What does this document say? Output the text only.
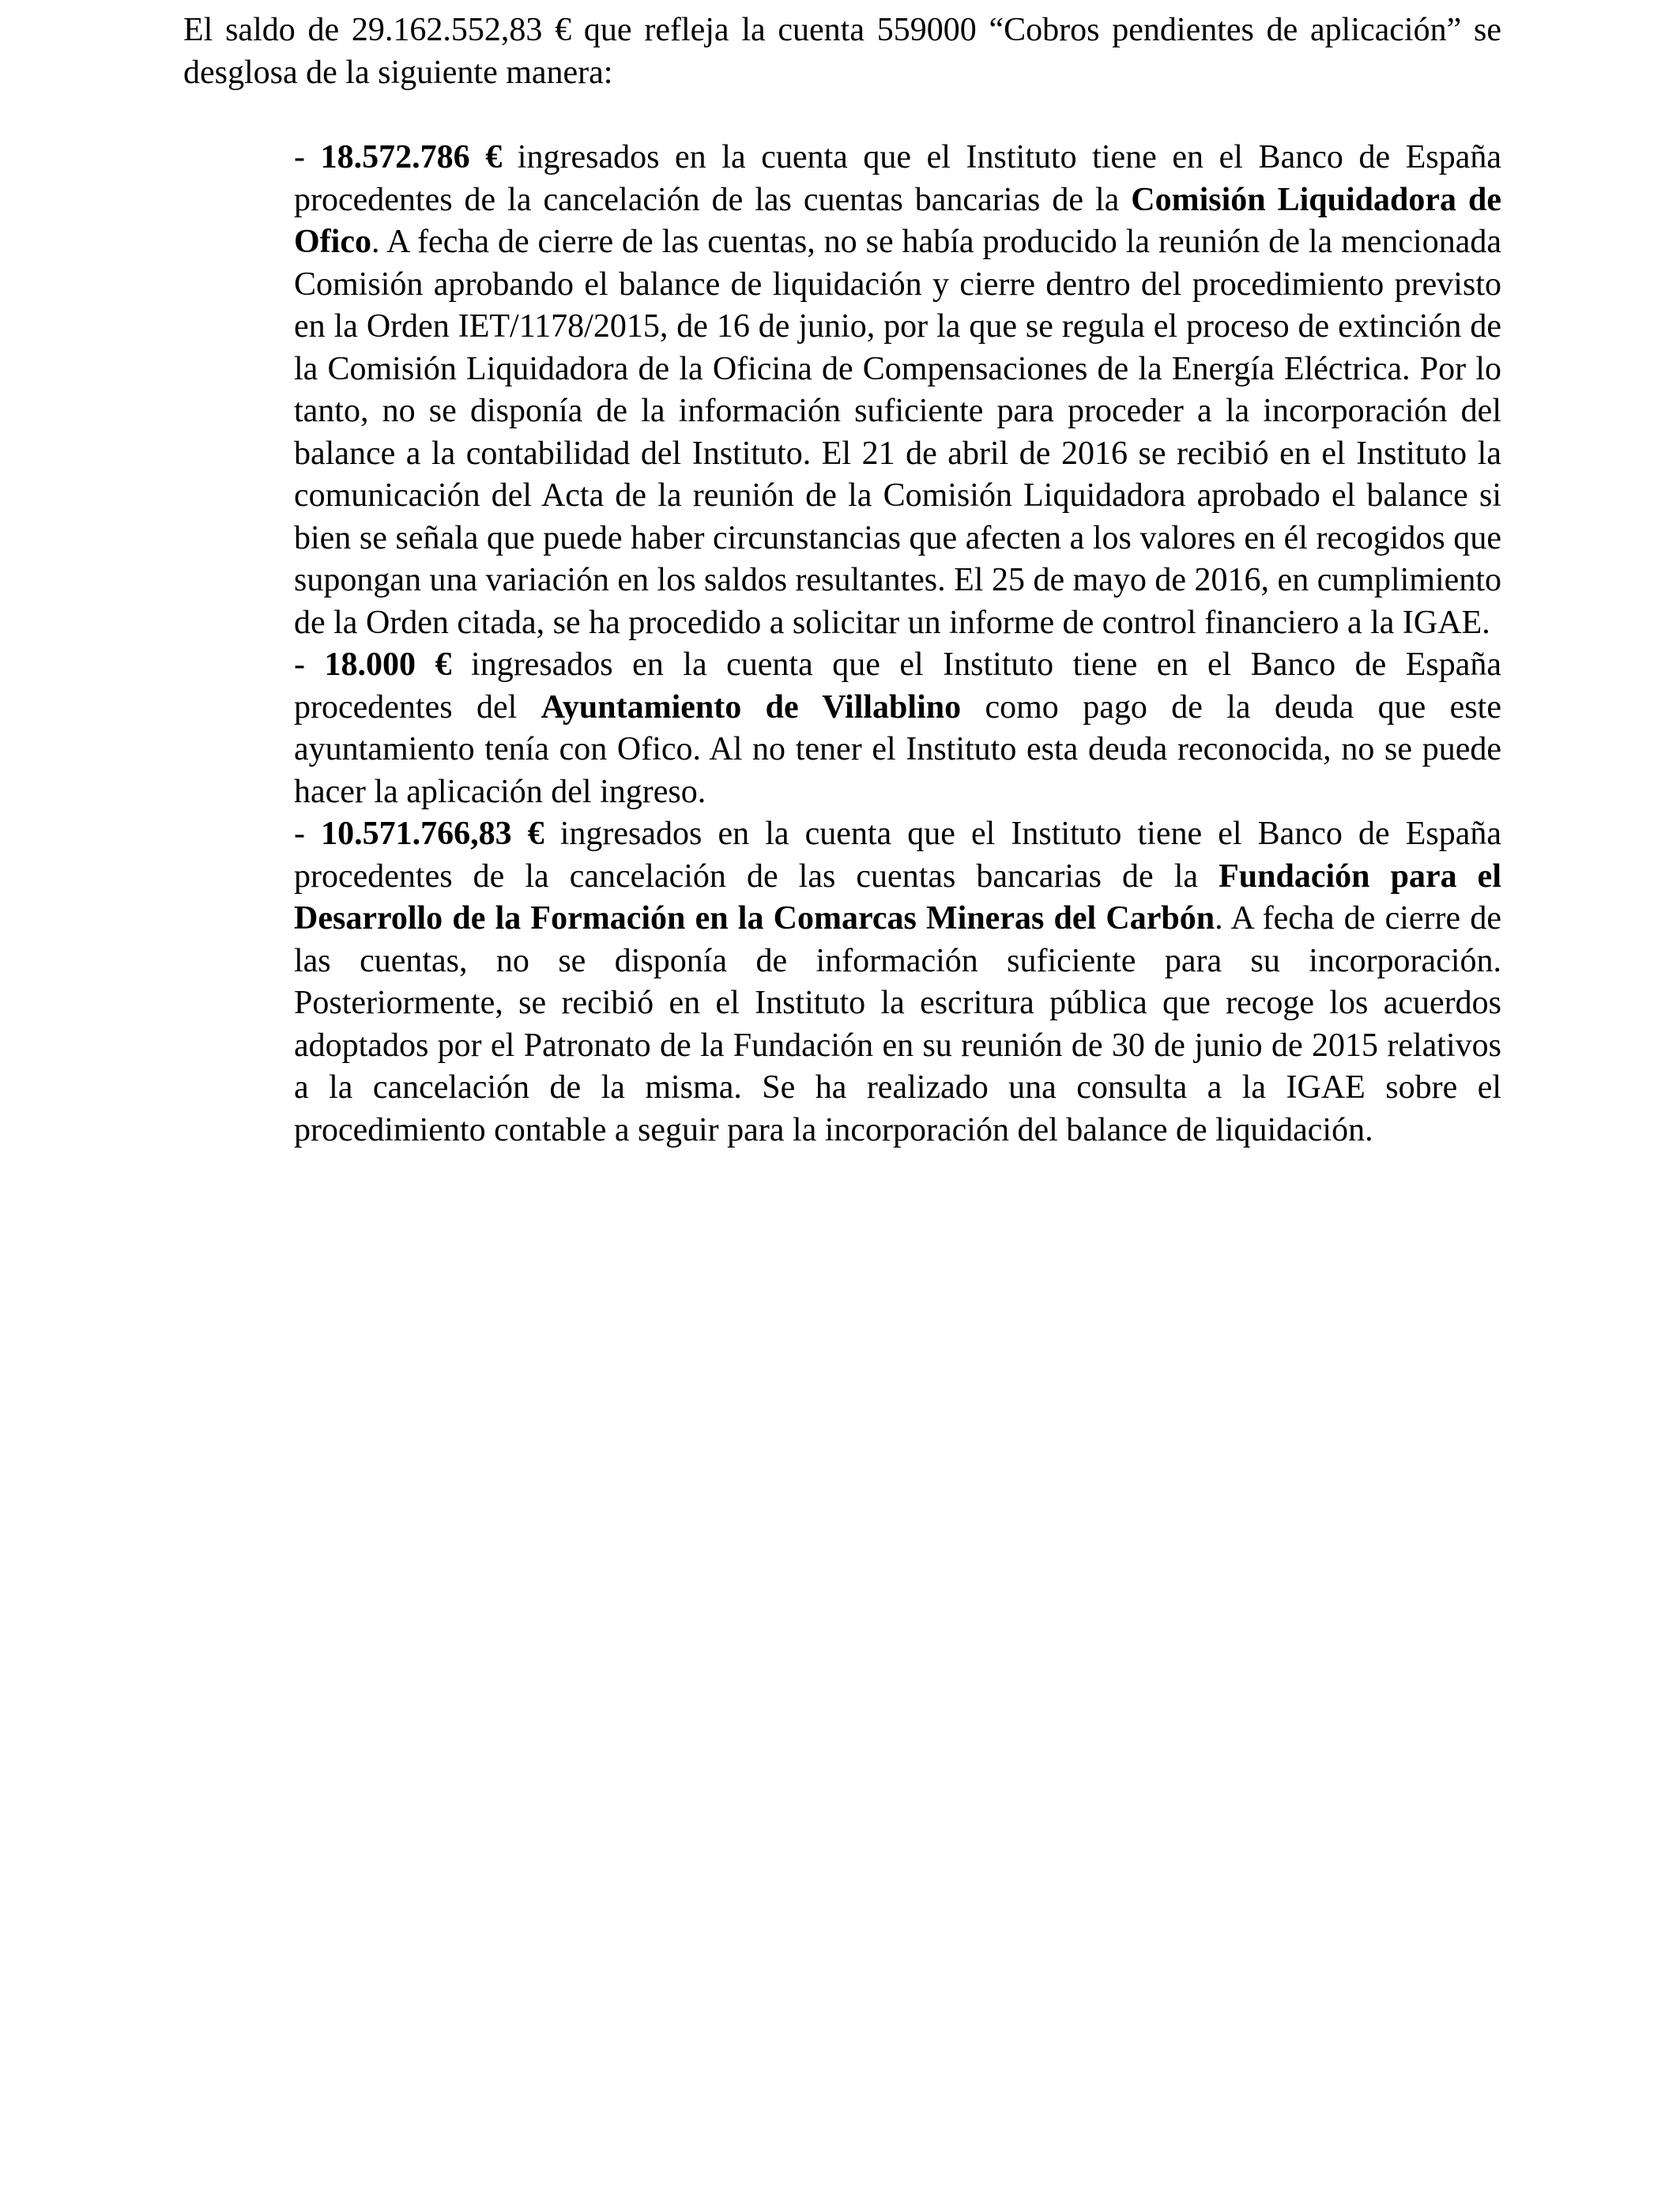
El saldo de 29.162.552,83 € que refleja la cuenta 559000 “Cobros pendientes de aplicación” se desglosa de la siguiente manera:

- 18.572.786 € ingresados en la cuenta que el Instituto tiene en el Banco de España procedentes de la cancelación de las cuentas bancarias de la Comisión Liquidadora de Ofico. A fecha de cierre de las cuentas, no se había producido la reunión de la mencionada Comisión aprobando el balance de liquidación y cierre dentro del procedimiento previsto en la Orden IET/1178/2015, de 16 de junio, por la que se regula el proceso de extinción de la Comisión Liquidadora de la Oficina de Compensaciones de la Energía Eléctrica. Por lo tanto, no se disponía de la información suficiente para proceder a la incorporación del balance a la contabilidad del Instituto. El 21 de abril de 2016 se recibió en el Instituto la comunicación del Acta de la reunión de la Comisión Liquidadora aprobado el balance si bien se señala que puede haber circunstancias que afecten a los valores en él recogidos que supongan una variación en los saldos resultantes. El 25 de mayo de 2016, en cumplimiento de la Orden citada, se ha procedido a solicitar un informe de control financiero a la IGAE.

- 18.000 € ingresados en la cuenta que el Instituto tiene en el Banco de España procedentes del Ayuntamiento de Villablino como pago de la deuda que este ayuntamiento tenía con Ofico. Al no tener el Instituto esta deuda reconocida, no se puede hacer la aplicación del ingreso.

- 10.571.766,83 € ingresados en la cuenta que el Instituto tiene el Banco de España procedentes de la cancelación de las cuentas bancarias de la Fundación para el Desarrollo de la Formación en la Comarcas Mineras del Carbón. A fecha de cierre de las cuentas, no se disponía de información suficiente para su incorporación. Posteriormente, se recibió en el Instituto la escritura pública que recoge los acuerdos adoptados por el Patronato de la Fundación en su reunión de 30 de junio de 2015 relativos a la cancelación de la misma. Se ha realizado una consulta a la IGAE sobre el procedimiento contable a seguir para la incorporación del balance de liquidación.
